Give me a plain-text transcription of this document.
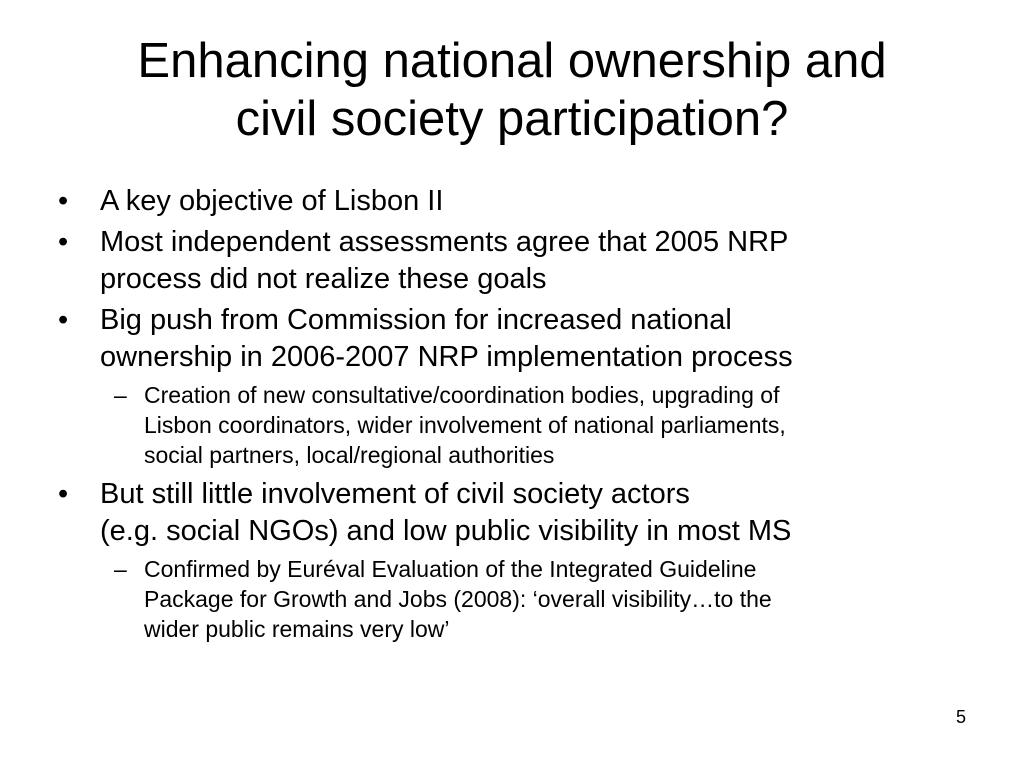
Enhancing national ownership and
civil society participation?
•	A key objective of Lisbon II
•	Most independent assessments agree that 2005 NRP
process did not realize these goals
•	Big push from Commission for increased national
ownership in 2006-2007 NRP implementation process
– Creation of new consultative/coordination bodies, upgrading of
Lisbon coordinators, wider involvement of national parliaments,
social partners, local/regional authorities
•	But still little involvement of civil society actors
(e.g. social NGOs) and low public visibility in most MS
– Confirmed by Euréval Evaluation of the Integrated Guideline
Package for Growth and Jobs (2008): ‘overall visibility…to the
wider public remains very low’
5
